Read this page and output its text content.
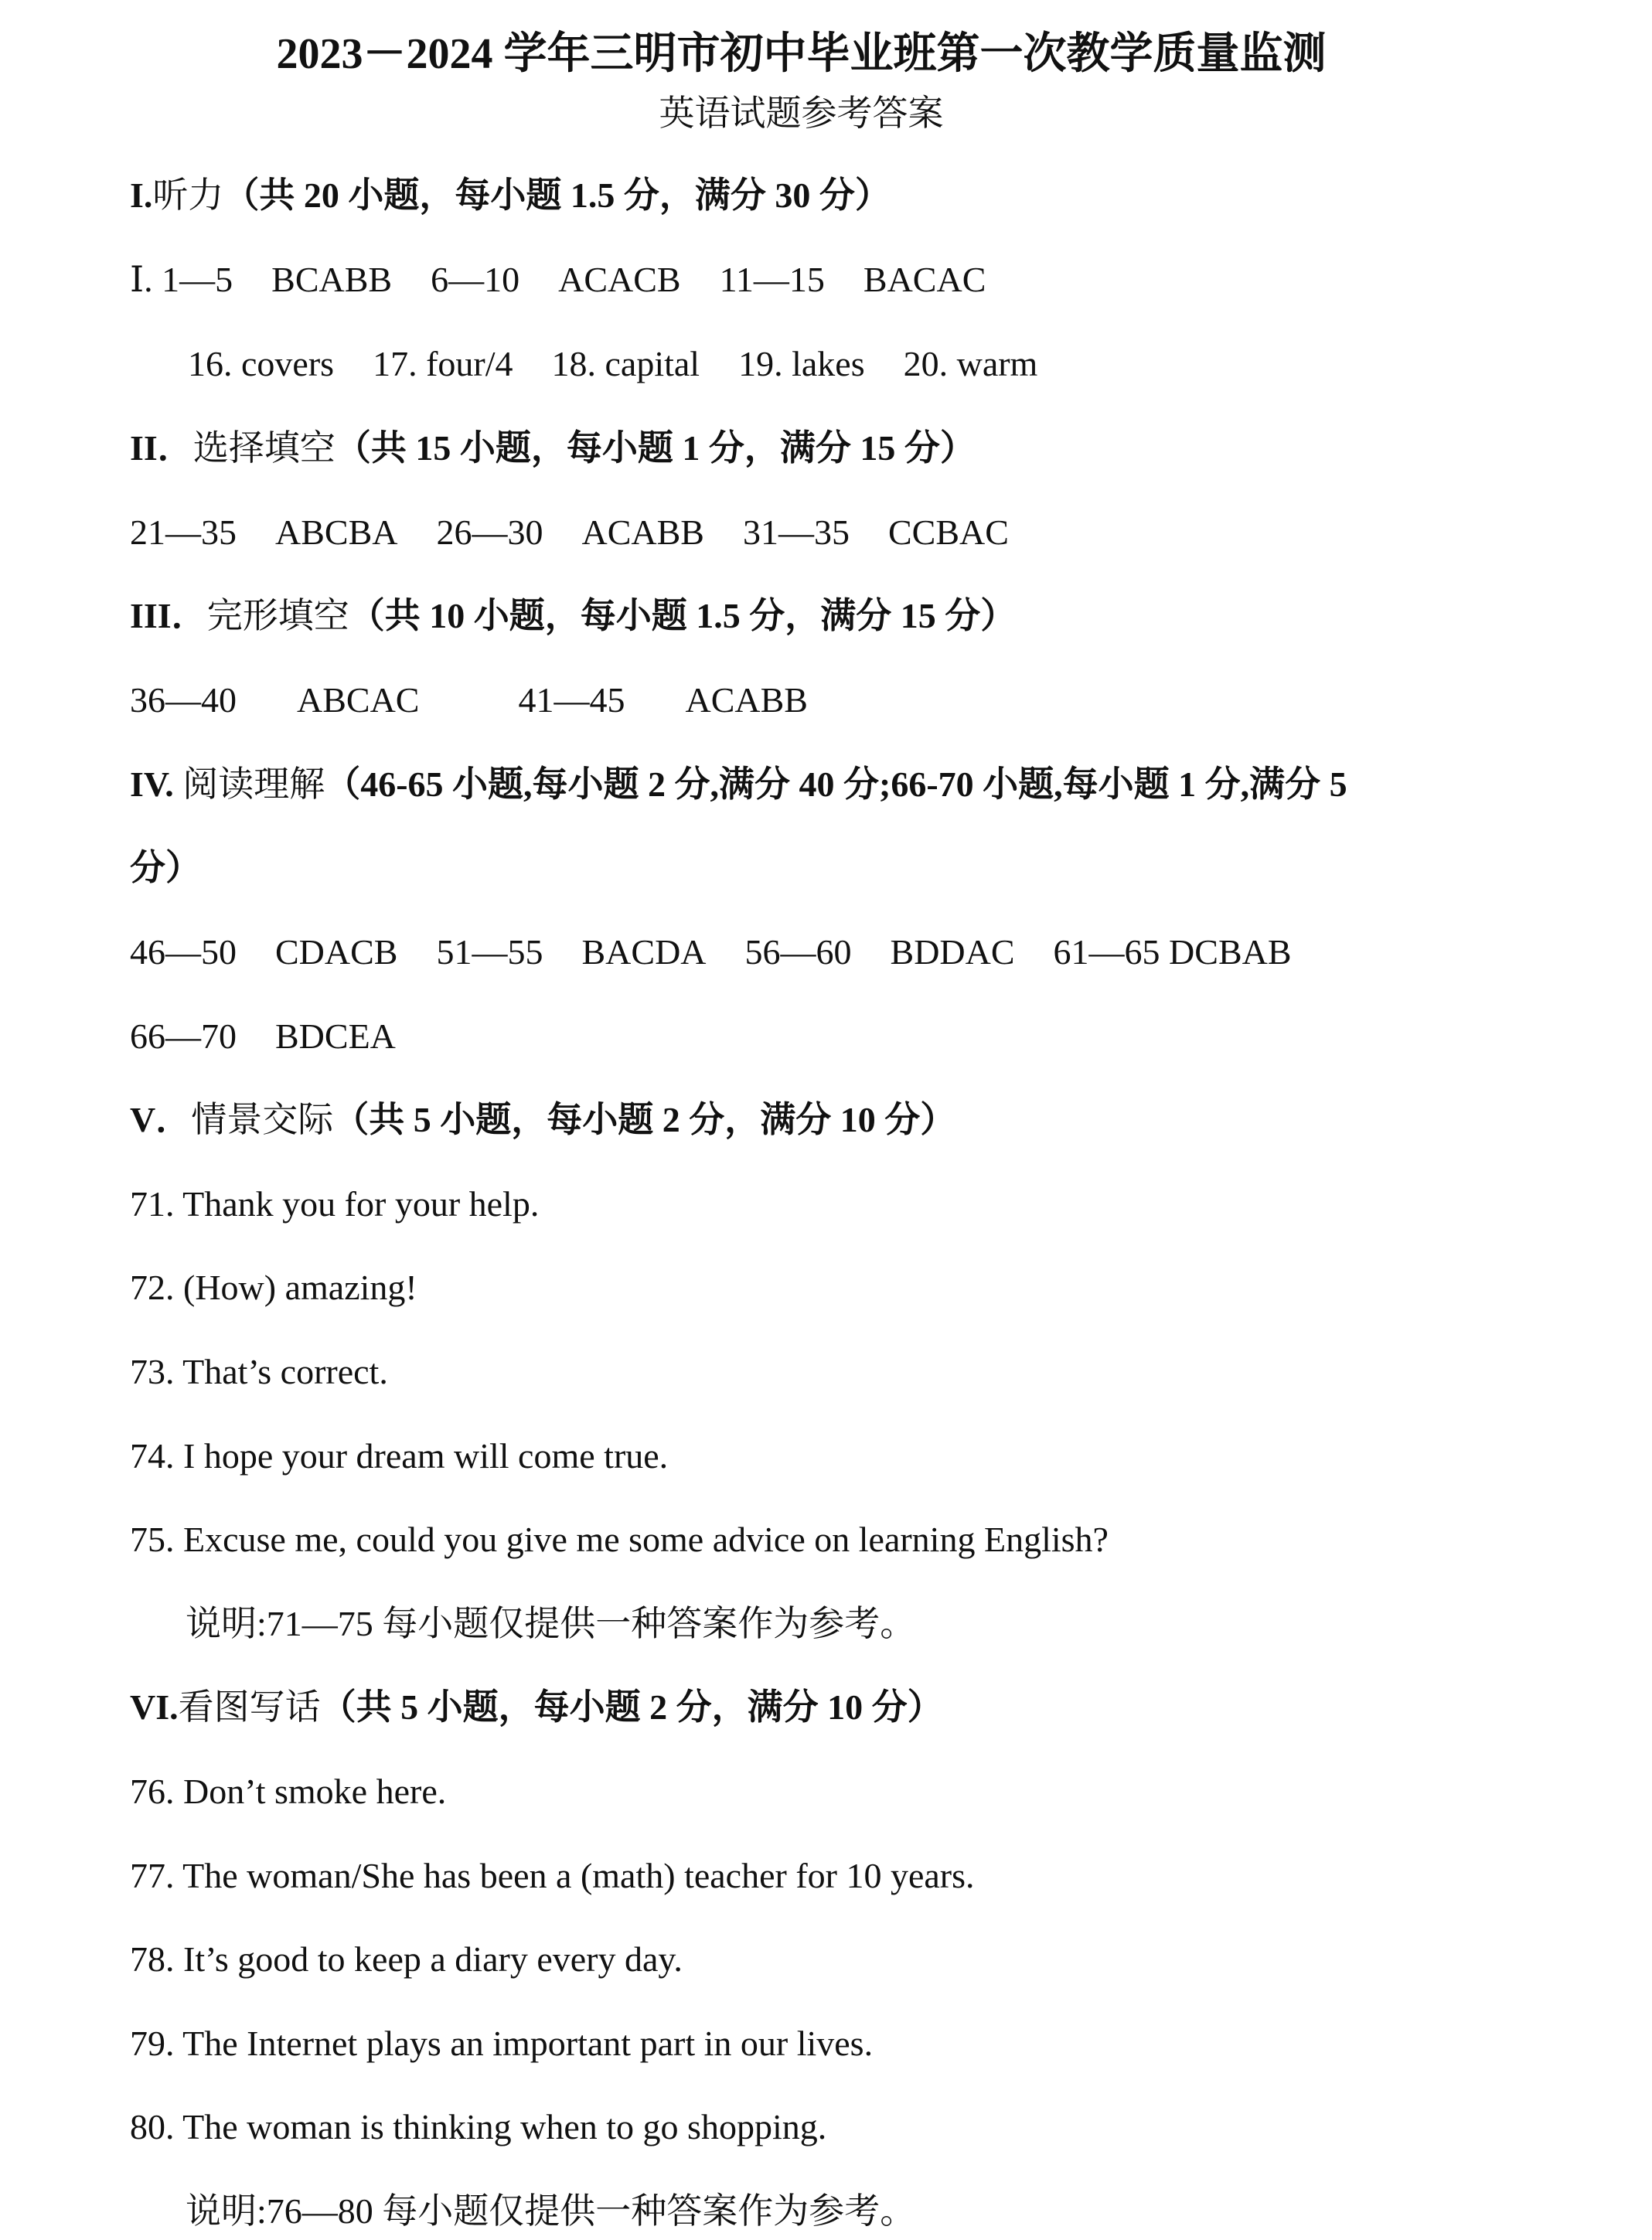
2023－2024 学年三明市初中毕业班第一次教学质量监测
英语试题参考答案
I.听力（共 20 小题，每小题 1.5 分，满分 30 分）
Ⅰ. 1—5 BCABB 6—10 ACACB 11—15 BACAC
16. covers 17. four/4 18. capital 19. lakes 20. warm
II．选择填空（共 15 小题，每小题 1 分，满分 15 分）
21—35 ABCBA 26—30 ACABB 31—35 CCBAC
III．完形填空（共 10 小题，每小题 1.5 分，满分 15 分）
36—40 ABCAC	41—45 ACABB
IV. 阅读理解（46-65 小题,每小题 2 分,满分 40 分;66-70 小题,每小题 1 分,满分 5
分）
46—50 CDACB 51—55 BACDA 56—60 BDDAC 61—65 DCBAB
66—70 BDCEA
V．情景交际（共 5 小题，每小题 2 分，满分 10 分）
71. Thank you for your help.
72. (How) amazing!
73. That’s correct.
74. I hope your dream will come true.
75. Excuse me, could you give me some advice on learning English?
说明:71—75 每小题仅提供一种答案作为参考。
VI.看图写话（共 5 小题，每小题 2 分，满分 10 分）
76. Don’t smoke here.
77. The woman/She has been a (math) teacher for 10 years.
78. It’s good to keep a diary every day.
79. The Internet plays an important part in our lives.
80. The woman is thinking when to go shopping.
说明:76—80 每小题仅提供一种答案作为参考。
